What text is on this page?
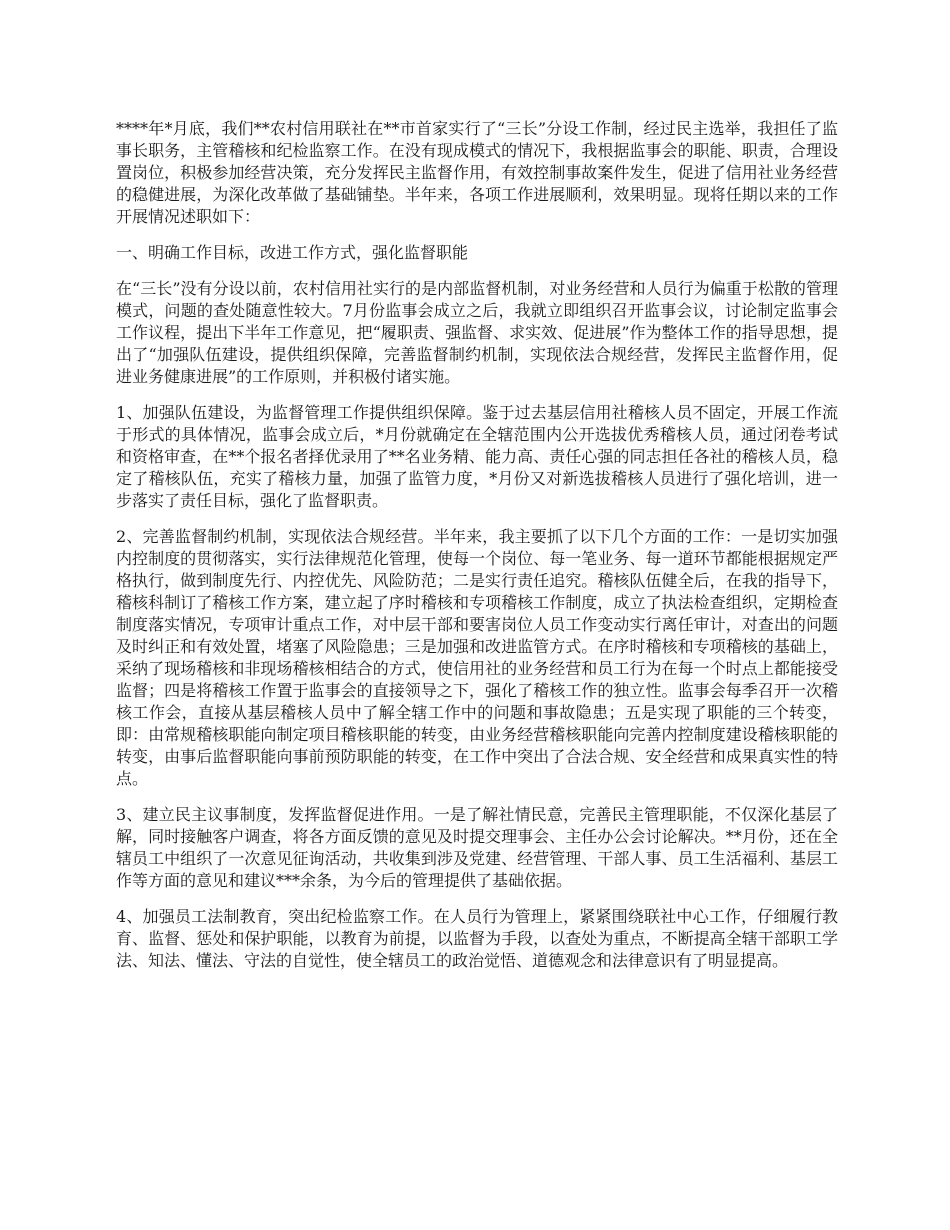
****年*月底，我们**农村信用联社在**市首家实行了“三长”分设工作制，经过民主选举，我担任了监事长职务，主管稽核和纪检监察工作。在没有现成模式的情况下，我根据监事会的职能、职责，合理设置岗位，积极参加经营决策，充分发挥民主监督作用，有效控制事故案件发生，促进了信用社业务经营的稳健进展，为深化改革做了基础铺垫。半年来，各项工作进展顺利，效果明显。现将任期以来的工作开展情况述职如下：

一、明确工作目标，改进工作方式，强化监督职能

在“三长”没有分设以前，农村信用社实行的是内部监督机制，对业务经营和人员行为偏重于松散的管理模式，问题的查处随意性较大。7月份监事会成立之后，我就立即组织召开监事会议，讨论制定监事会工作议程，提出下半年工作意见，把“履职责、强监督、求实效、促进展”作为整体工作的指导思想，提出了“加强队伍建设，提供组织保障，完善监督制约机制，实现依法合规经营，发挥民主监督作用，促进业务健康进展”的工作原则，并积极付诸实施。

1、加强队伍建设，为监督管理工作提供组织保障。鉴于过去基层信用社稽核人员不固定，开展工作流于形式的具体情况，监事会成立后，*月份就确定在全辖范围内公开选拔优秀稽核人员，通过闭卷考试和资格审查，在**个报名者择优录用了**名业务精、能力高、责任心强的同志担任各社的稽核人员，稳定了稽核队伍，充实了稽核力量，加强了监管力度，*月份又对新选拔稽核人员进行了强化培训，进一步落实了责任目标，强化了监督职责。

2、完善监督制约机制，实现依法合规经营。半年来，我主要抓了以下几个方面的工作：一是切实加强内控制度的贯彻落实，实行法律规范化管理，使每一个岗位、每一笔业务、每一道环节都能根据规定严格执行，做到制度先行、内控优先、风险防范；二是实行责任追究。稽核队伍健全后，在我的指导下，稽核科制订了稽核工作方案，建立起了序时稽核和专项稽核工作制度，成立了执法检查组织，定期检查制度落实情况，专项审计重点工作，对中层干部和要害岗位人员工作变动实行离任审计，对查出的问题及时纠正和有效处置，堵塞了风险隐患；三是加强和改进监管方式。在序时稽核和专项稽核的基础上，采纳了现场稽核和非现场稽核相结合的方式，使信用社的业务经营和员工行为在每一个时点上都能接受监督；四是将稽核工作置于监事会的直接领导之下，强化了稽核工作的独立性。监事会每季召开一次稽核工作会，直接从基层稽核人员中了解全辖工作中的问题和事故隐患；五是实现了职能的三个转变，即：由常规稽核职能向制定项目稽核职能的转变，由业务经营稽核职能向完善内控制度建设稽核职能的转变，由事后监督职能向事前预防职能的转变，在工作中突出了合法合规、安全经营和成果真实性的特点。

3、建立民主议事制度，发挥监督促进作用。一是了解社情民意，完善民主管理职能，不仅深化基层了解，同时接触客户调查，将各方面反馈的意见及时提交理事会、主任办公会讨论解决。**月份，还在全辖员工中组织了一次意见征询活动，共收集到涉及党建、经营管理、干部人事、员工生活福利、基层工作等方面的意见和建议***余条，为今后的管理提供了基础依据。

4、加强员工法制教育，突出纪检监察工作。在人员行为管理上，紧紧围绕联社中心工作，仔细履行教育、监督、惩处和保护职能，以教育为前提，以监督为手段，以查处为重点，不断提高全辖干部职工学法、知法、懂法、守法的自觉性，使全辖员工的政治觉悟、道德观念和法律意识有了明显提高。
